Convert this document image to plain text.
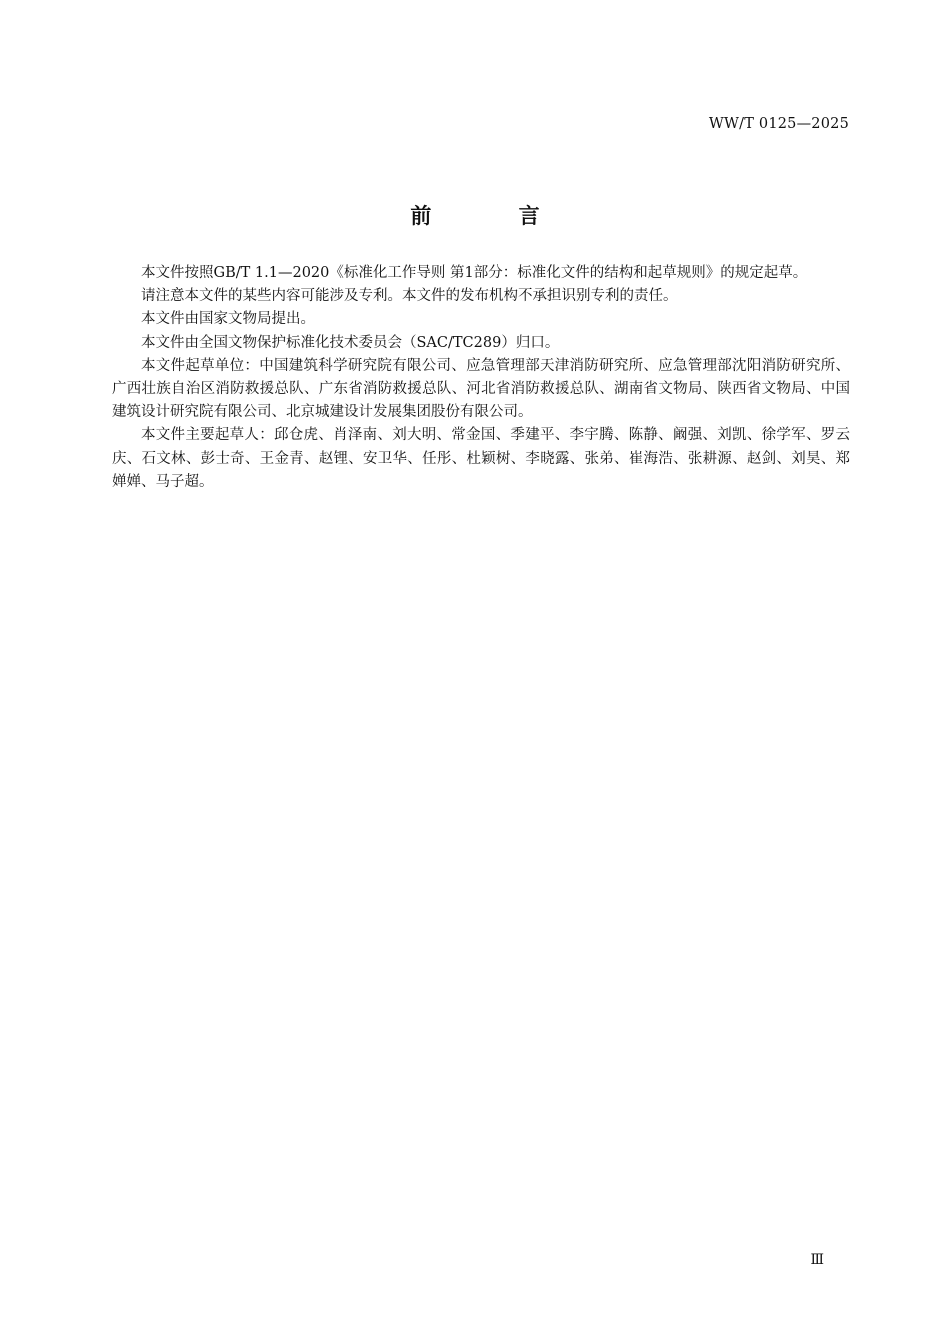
WW/T 0125—2025
前 言

本文件按照GB/T 1.1—2020《标准化工作导则 第1部分：标准化文件的结构和起草规则》的规定起草。

请注意本文件的某些内容可能涉及专利。本文件的发布机构不承担识别专利的责任。

本文件由国家文物局提出。

本文件由全国文物保护标准化技术委员会（SAC/TC289）归口。

本文件起草单位：中国建筑科学研究院有限公司、应急管理部天津消防研究所、应急管理部沈阳消防研究所、广西壮族自治区消防救援总队、广东省消防救援总队、河北省消防救援总队、湖南省文物局、陕西省文物局、中国建筑设计研究院有限公司、北京城建设计发展集团股份有限公司。

本文件主要起草人：邱仓虎、肖泽南、刘大明、常金国、季建平、李宇腾、陈静、阚强、刘凯、徐学军、罗云庆、石文林、彭士奇、王金青、赵锂、安卫华、任彤、杜颖树、李晓露、张弟、崔海浩、张耕源、赵剑、刘昊、郑婵婵、马子超。

Ⅲ
